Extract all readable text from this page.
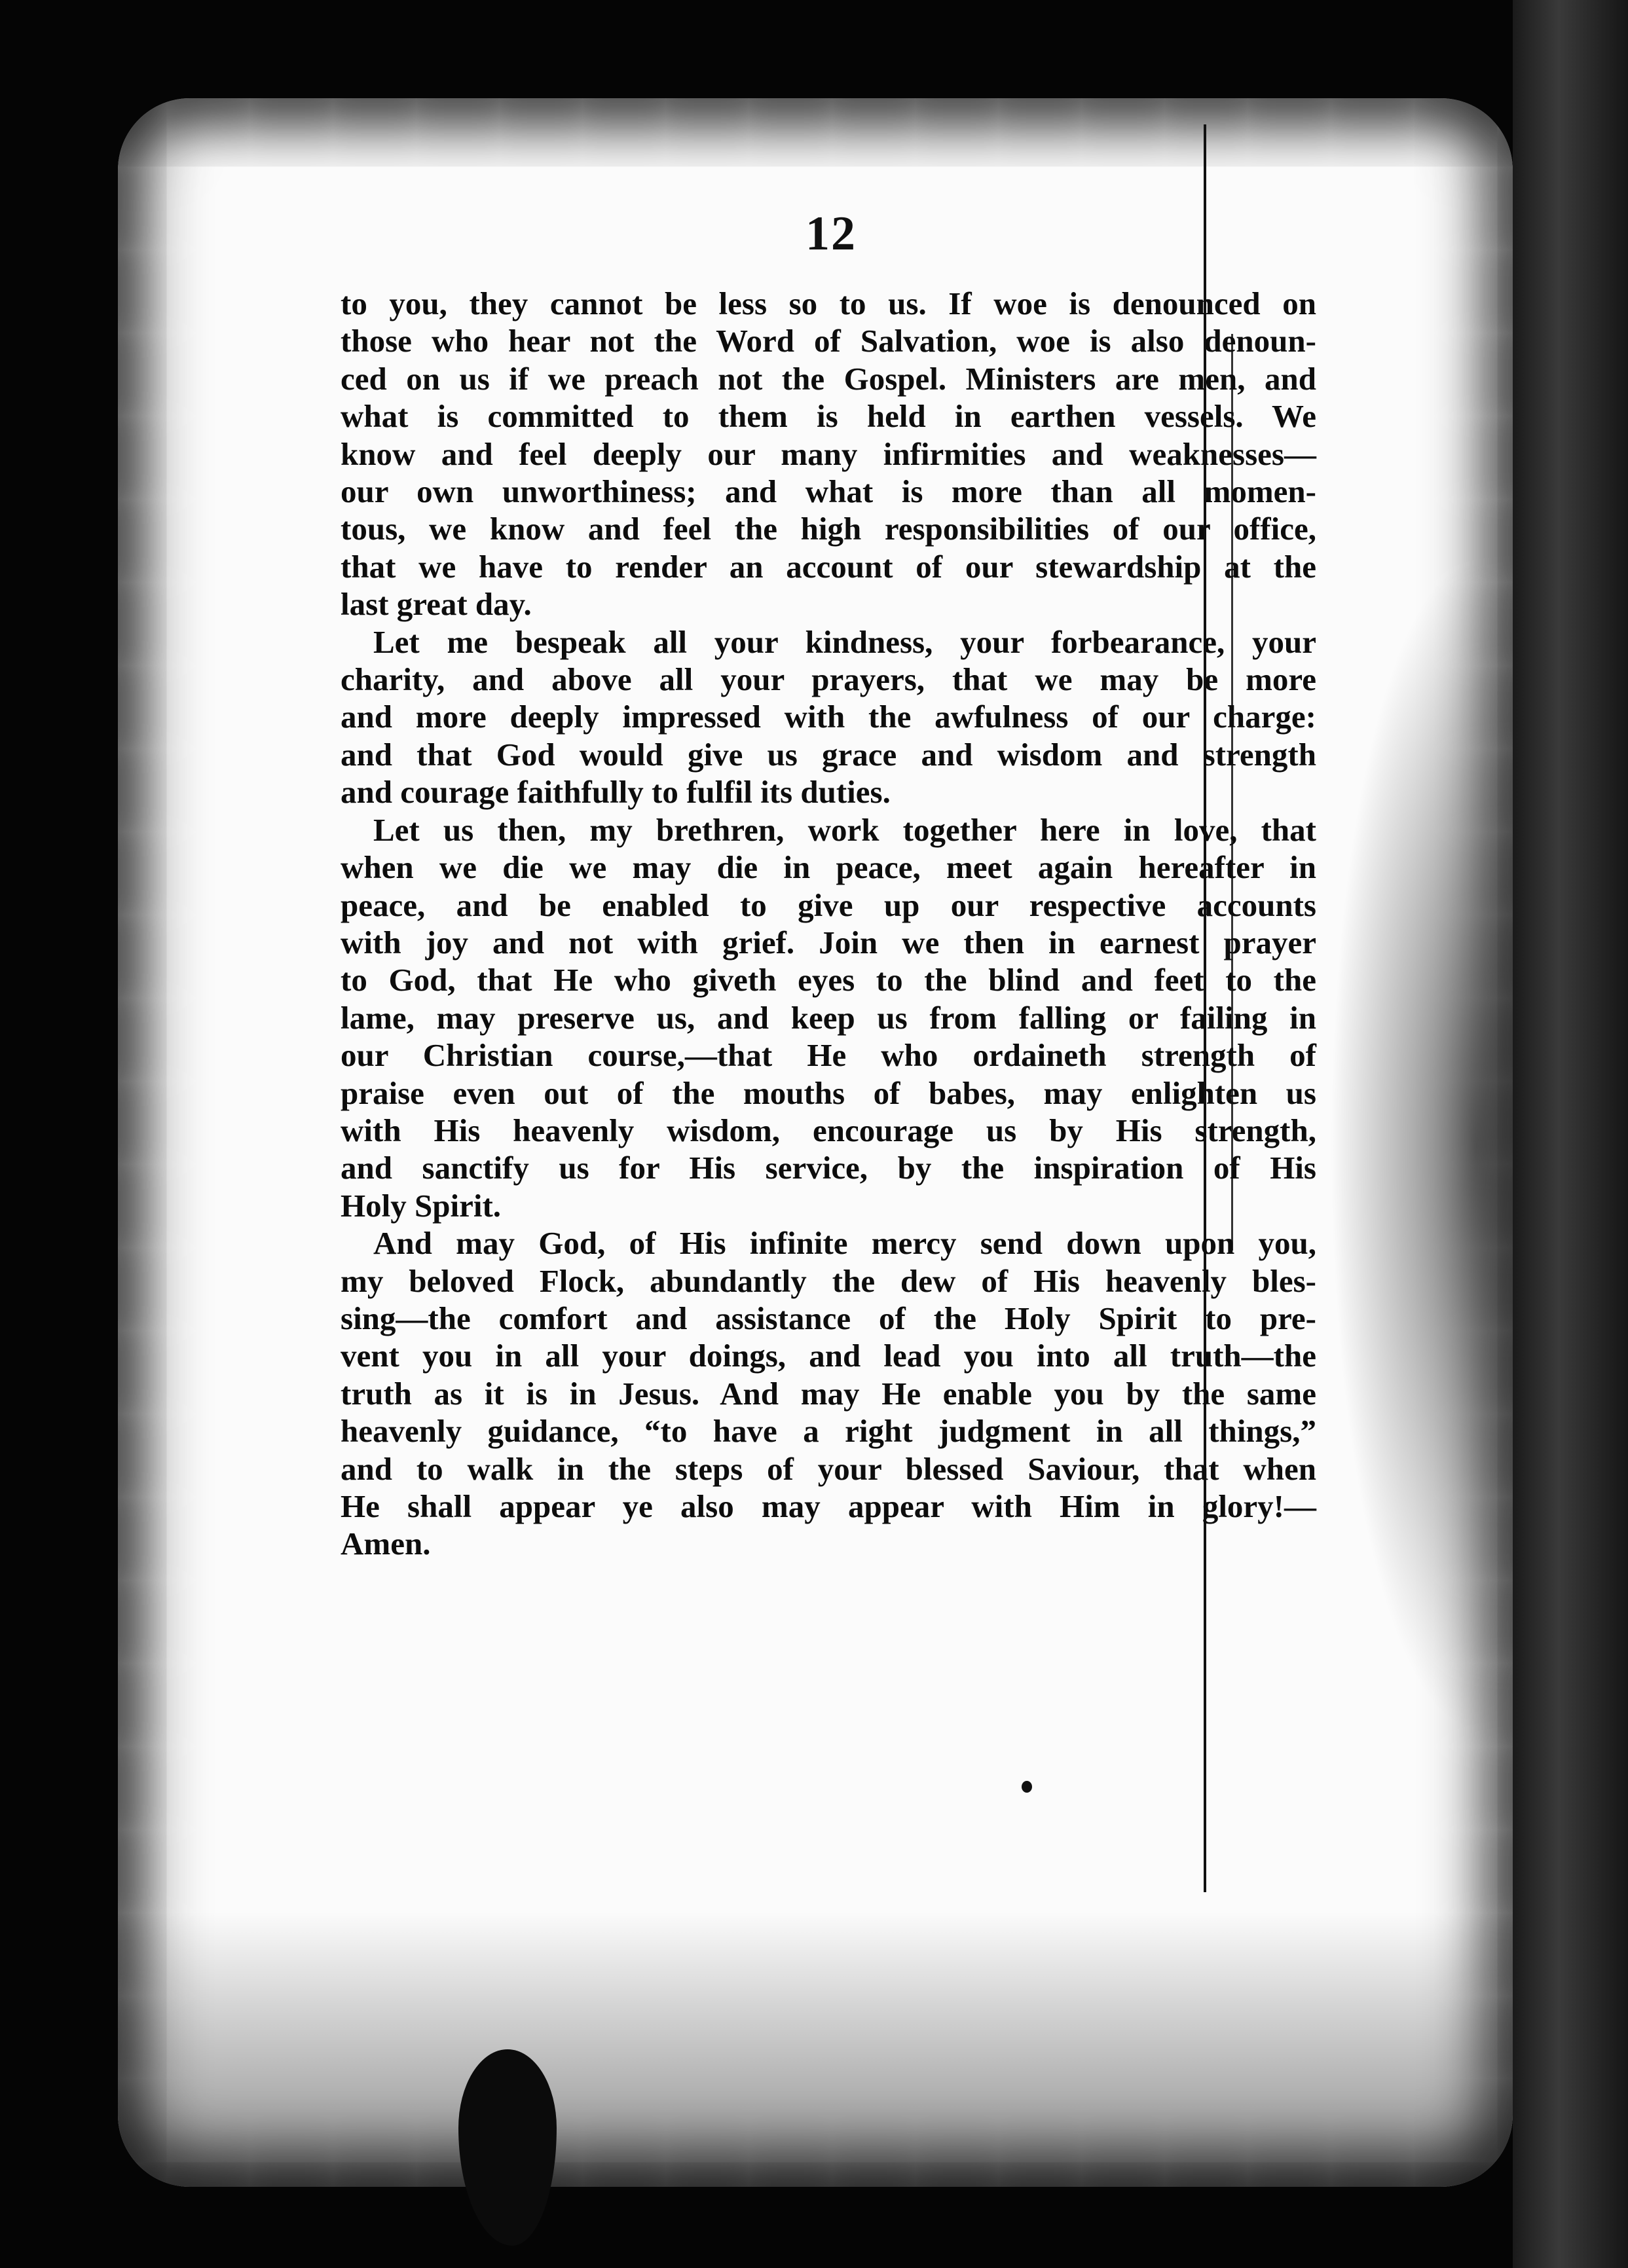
12
to you, they cannot be less so to us. If woe is denounced on
those who hear not the Word of Salvation, woe is also denoun-
ced on us if we preach not the Gospel. Ministers are men, and
what is committed to them is held in earthen vessels. We
know and feel deeply our many infirmities and weaknesses—
our own unworthiness; and what is more than all momen-
tous, we know and feel the high responsibilities of our office,
that we have to render an account of our stewardship at the
last great day.
Let me bespeak all your kindness, your forbearance, your
charity, and above all your prayers, that we may be more
and more deeply impressed with the awfulness of our charge:
and that God would give us grace and wisdom and strength
and courage faithfully to fulfil its duties.
Let us then, my brethren, work together here in love, that
when we die we may die in peace, meet again hereafter in
peace, and be enabled to give up our respective accounts
with joy and not with grief. Join we then in earnest prayer
to God, that He who giveth eyes to the blind and feet to the
lame, may preserve us, and keep us from falling or failing in
our Christian course,—that He who ordaineth strength of
praise even out of the mouths of babes, may enlighten us
with His heavenly wisdom, encourage us by His strength,
and sanctify us for His service, by the inspiration of His
Holy Spirit.
And may God, of His infinite mercy send down upon you,
my beloved Flock, abundantly the dew of His heavenly bles-
sing—the comfort and assistance of the Holy Spirit to pre-
vent you in all your doings, and lead you into all truth—the
truth as it is in Jesus. And may He enable you by the same
heavenly guidance, “to have a right judgment in all things,”
and to walk in the steps of your blessed Saviour, that when
He shall appear ye also may appear with Him in glory!—
Amen.
